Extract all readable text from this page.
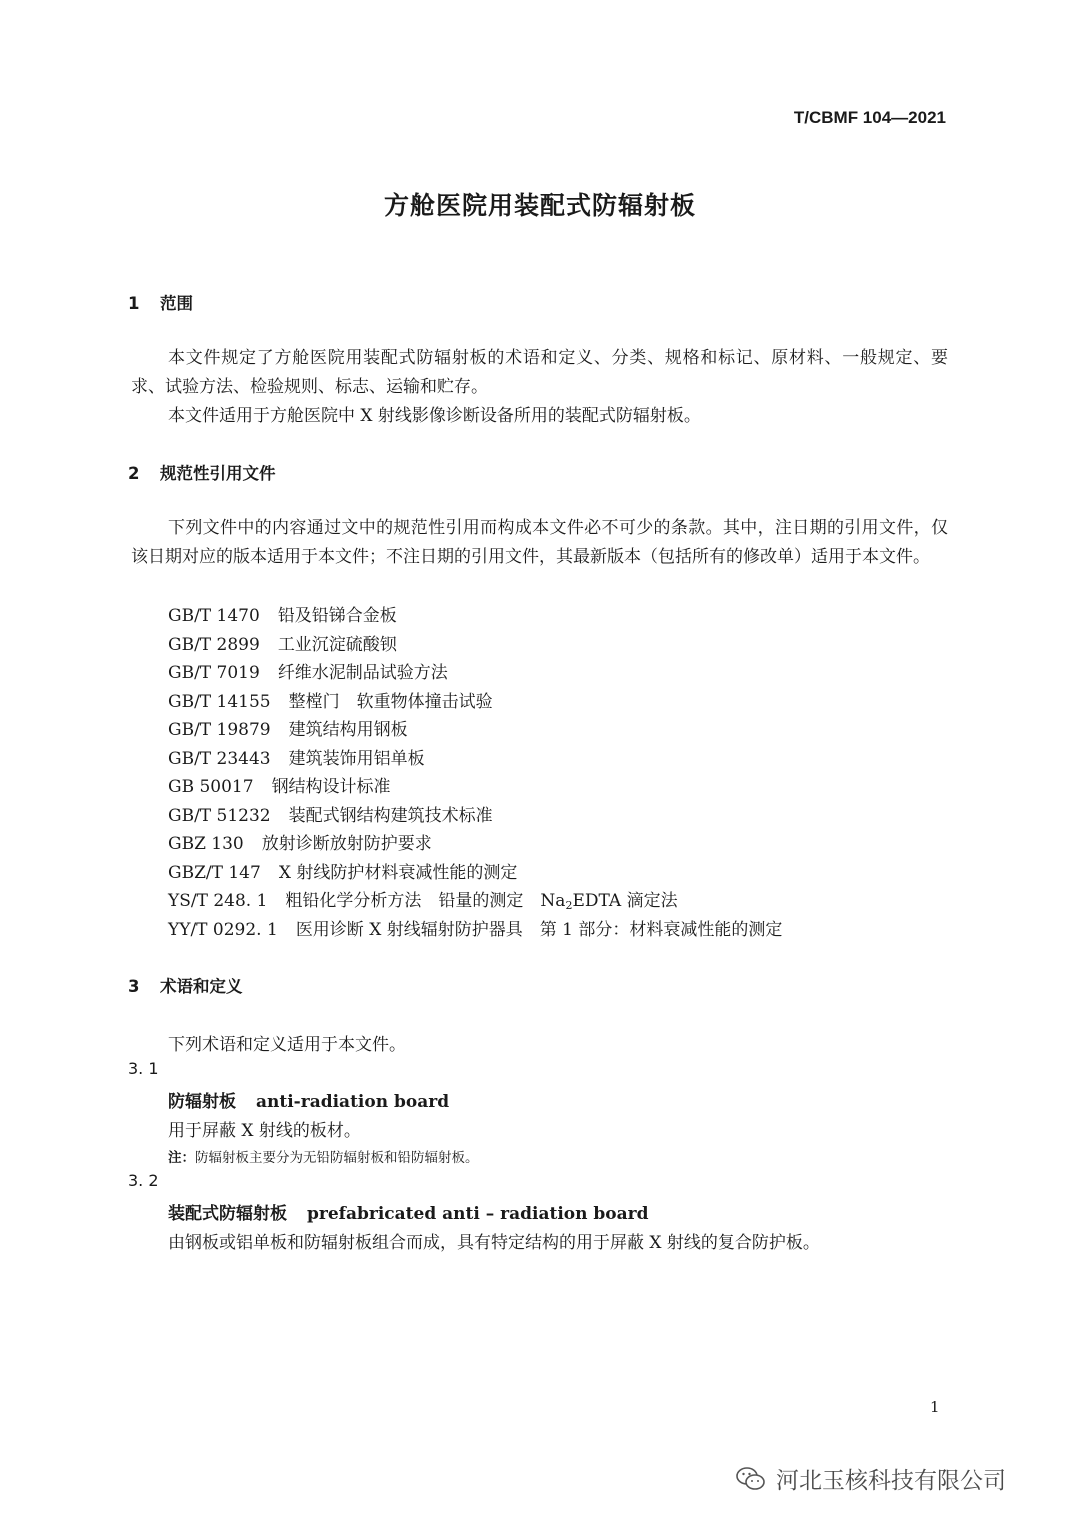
T/CBMF 104—2021
方舱医院用装配式防辐射板
1 范围
本文件规定了方舱医院用装配式防辐射板的术语和定义、分类、规格和标记、原材料、一般规定、要求、试验方法、检验规则、标志、运输和贮存。
本文件适用于方舱医院中 X 射线影像诊断设备所用的装配式防辐射板。
2 规范性引用文件
下列文件中的内容通过文中的规范性引用而构成本文件必不可少的条款。其中，注日期的引用文件，仅该日期对应的版本适用于本文件；不注日期的引用文件，其最新版本（包括所有的修改单）适用于本文件。
GB/T 1470 铅及铅锑合金板
GB/T 2899 工业沉淀硫酸钡
GB/T 7019 纤维水泥制品试验方法
GB/T 14155 整樘门　软重物体撞击试验
GB/T 19879 建筑结构用钢板
GB/T 23443 建筑装饰用铝单板
GB 50017 钢结构设计标准
GB/T 51232 装配式钢结构建筑技术标准
GBZ 130 放射诊断放射防护要求
GBZ/T 147 X 射线防护材料衰减性能的测定
YS/T 248. 1 粗铅化学分析方法　铅量的测定　$Na_2EDTA$ 滴定法
YY/T 0292. 1 医用诊断 X 射线辐射防护器具　第 1 部分：材料衰减性能的测定
3 术语和定义
下列术语和定义适用于本文件。
3. 1
防辐射板 anti-radiation board
用于屏蔽 X 射线的板材。
注：防辐射板主要分为无铅防辐射板和铅防辐射板。
3. 2
装配式防辐射板 prefabricated anti – radiation board
由钢板或铝单板和防辐射板组合而成，具有特定结构的用于屏蔽 X 射线的复合防护板。
1
河北玉核科技有限公司
